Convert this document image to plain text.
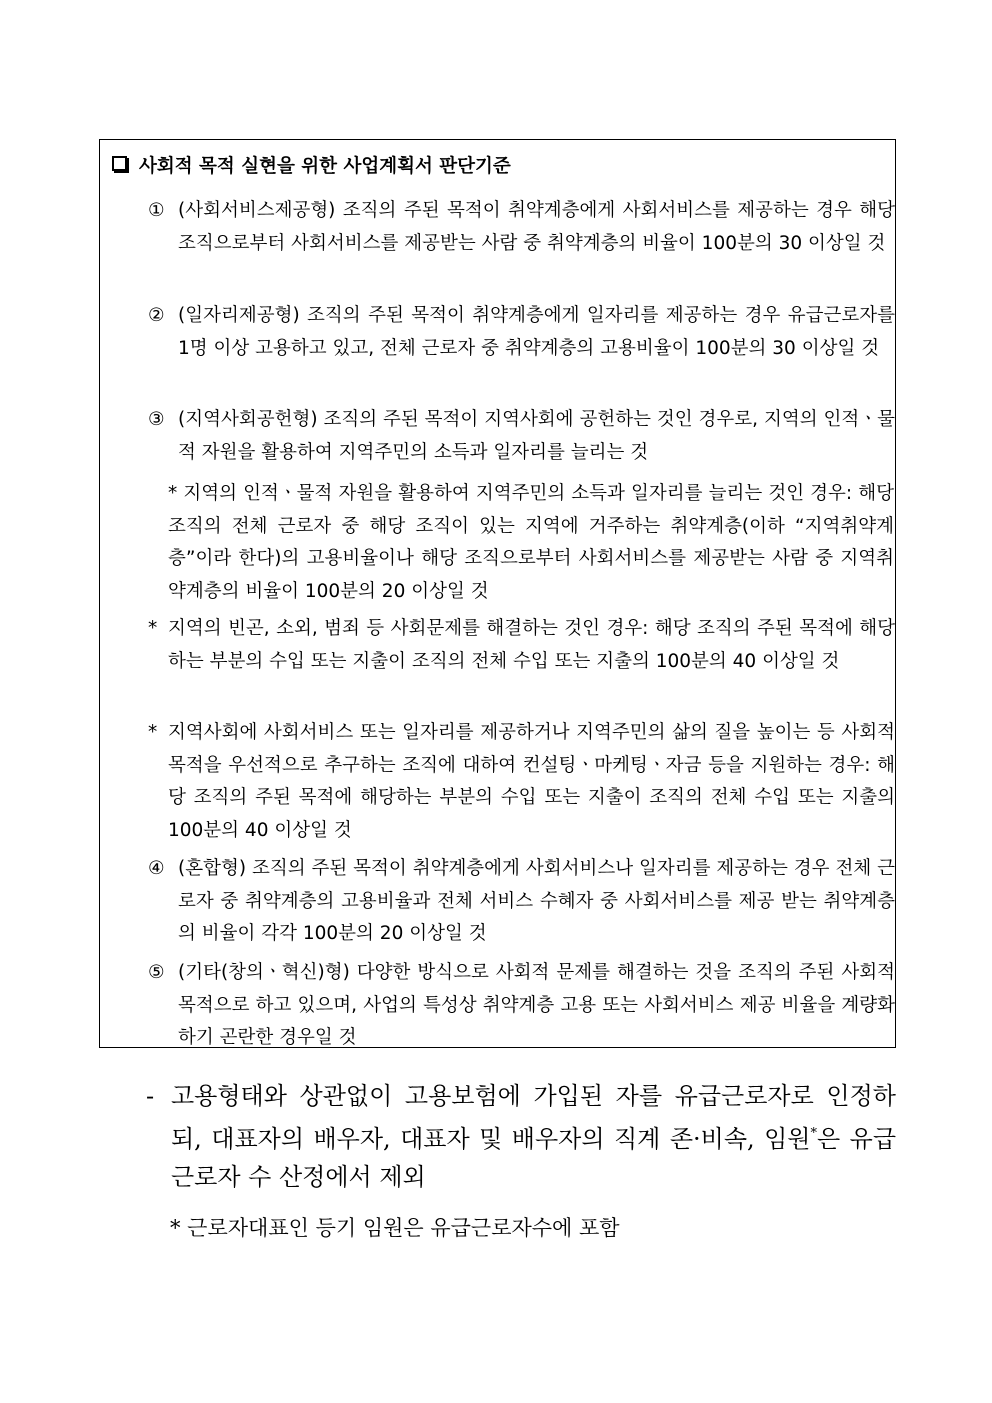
사회적 목적 실현을 위한 사업계획서 판단기준
① (사회서비스제공형) 조직의 주된 목적이 취약계층에게 사회서비스를 제공하는 경우 해당 조직으로부터 사회서비스를 제공받는 사람 중 취약계층의 비율이 100분의 30 이상일 것
② (일자리제공형) 조직의 주된 목적이 취약계층에게 일자리를 제공하는 경우 유급근로자를 1명 이상 고용하고 있고, 전체 근로자 중 취약계층의 고용비율이 100분의 30 이상일 것
③ (지역사회공헌형) 조직의 주된 목적이 지역사회에 공헌하는 것인 경우로, 지역의 인적ㆍ물적 자원을 활용하여 지역주민의 소득과 일자리를 늘리는 것
* 지역의 인적ㆍ물적 자원을 활용하여 지역주민의 소득과 일자리를 늘리는 것인 경우: 해당 조직의 전체 근로자 중 해당 조직이 있는 지역에 거주하는 취약계층(이하 “지역취약계층”이라 한다)의 고용비율이나 해당 조직으로부터 사회서비스를 제공받는 사람 중 지역취약계층의 비율이 100분의 20 이상일 것
* 지역의 빈곤, 소외, 범죄 등 사회문제를 해결하는 것인 경우: 해당 조직의 주된 목적에 해당하는 부분의 수입 또는 지출이 조직의 전체 수입 또는 지출의 100분의 40 이상일 것
* 지역사회에 사회서비스 또는 일자리를 제공하거나 지역주민의 삶의 질을 높이는 등 사회적 목적을 우선적으로 추구하는 조직에 대하여 컨설팅ㆍ마케팅ㆍ자금 등을 지원하는 경우: 해당 조직의 주된 목적에 해당하는 부분의 수입 또는 지출이 조직의 전체 수입 또는 지출의 100분의 40 이상일 것
④ (혼합형) 조직의 주된 목적이 취약계층에게 사회서비스나 일자리를 제공하는 경우 전체 근로자 중 취약계층의 고용비율과 전체 서비스 수혜자 중 사회서비스를 제공 받는 취약계층의 비율이 각각 100분의 20 이상일 것
⑤ (기타(창의ㆍ혁신)형) 다양한 방식으로 사회적 문제를 해결하는 것을 조직의 주된 사회적 목적으로 하고 있으며, 사업의 특성상 취약계층 고용 또는 사회서비스 제공 비율을 계량화하기 곤란한 경우일 것
- 고용형태와 상관없이 고용보험에 가입된 자를 유급근로자로 인정하되, 대표자의 배우자, 대표자 및 배우자의 직계 존·비속, 임원*은 유급근로자 수 산정에서 제외
* 근로자대표인 등기 임원은 유급근로자수에 포함
